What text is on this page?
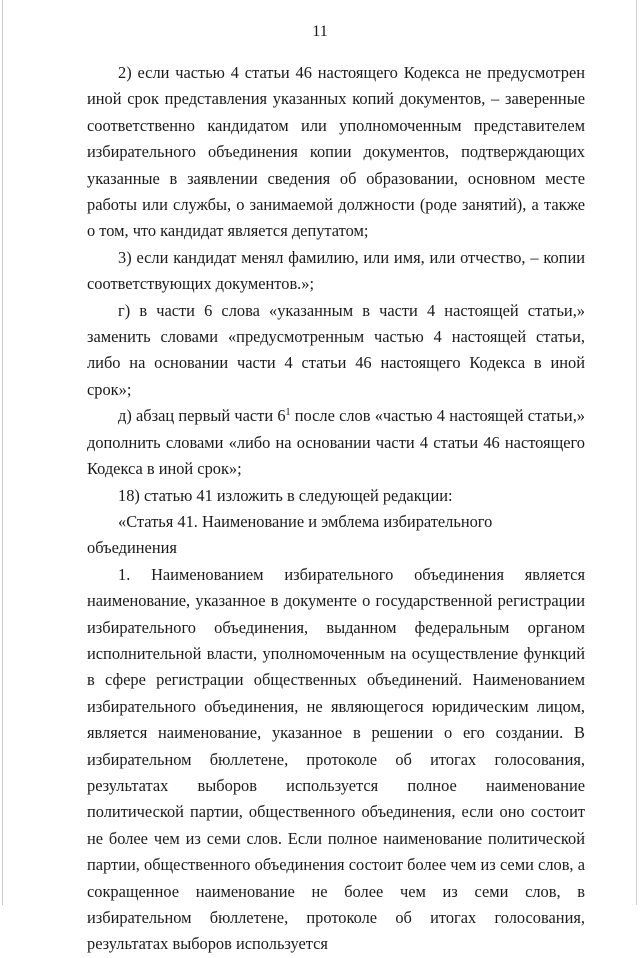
11

2) если частью 4 статьи 46 настоящего Кодекса не предусмотрен иной срок представления указанных копий документов, – заверенные соответственно кандидатом или уполномоченным представителем избирательного объединения копии документов, подтверждающих указанные в заявлении сведения об образовании, основном месте работы или службы, о занимаемой должности (роде занятий), а также о том, что кандидат является депутатом;

3) если кандидат менял фамилию, или имя, или отчество, – копии соответствующих документов.»;

г) в части 6 слова «указанным в части 4 настоящей статьи,» заменить словами «предусмотренным частью 4 настоящей статьи, либо на основании части 4 статьи 46 настоящего Кодекса в иной срок»;

д) абзац первый части $6^1$ после слов «частью 4 настоящей статьи,» дополнить словами «либо на основании части 4 статьи 46 настоящего Кодекса в иной срок»;

18) статью 41 изложить в следующей редакции:

«Статья 41. Наименование и эмблема избирательного объединения

1. Наименованием избирательного объединения является наименование, указанное в документе о государственной регистрации избирательного объединения, выданном федеральным органом исполнительной власти, уполномоченным на осуществление функций в сфере регистрации общественных объединений. Наименованием избирательного объединения, не являющегося юридическим лицом, является наименование, указанное в решении о его создании. В избирательном бюллетене, протоколе об итогах голосования, результатах выборов используется полное наименование политической партии, общественного объединения, если оно состоит не более чем из семи слов. Если полное наименование политической партии, общественного объединения состоит более чем из семи слов, а сокращенное наименование не более чем из семи слов, в избирательном бюллетене, протоколе об итогах голосования, результатах выборов используется
